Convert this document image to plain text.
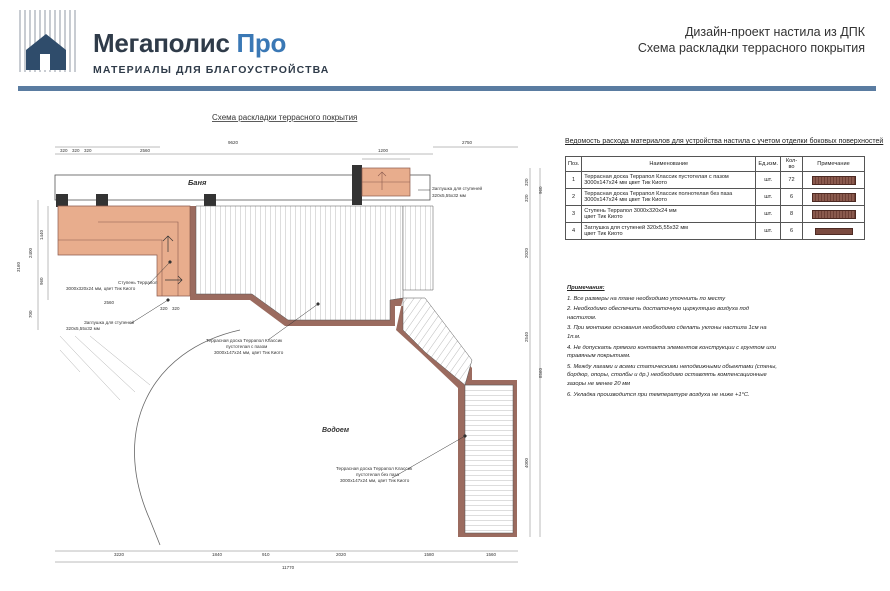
Мегаполис Про
МАТЕРИАЛЫ ДЛЯ БЛАГОУСТРОЙСТВА
Дизайн-проект настила из ДПК
Схема раскладки террасного покрытия
Схема раскладки террасного покрытия
Баня
320 320 320	2560
9620
1200
2750
3160
2400
1440
960
700
2560
320 320
320
320
960
2020
2540
8560
4000
3220	1840	910	2020	1580	1560
11770
Водоем
Ступень Террапол
3000х320х24 мм, цвет Тик Киото
Заглушка для ступеней
320х5,55х32 мм
Заглушка для ступеней
320х5,55х32 мм
Террасная доска Террапол Классик
пустотелая с пазом
3000х147х24 мм, цвет Тик Киото
Террасная доска Террапол Классик
пустотелая без паза
3000х147х24 мм, цвет Тик Киото
Ведомость расхода материалов для устройства настила с учетом отделки боковых поверхностей
Поз.	Наименование	Ед.изм.	Кол-во	Примечание
1	Террасная доска Террапол Классик пустотелая с пазом
3000х147х24 мм цвет Тик Киото	шт.	72	

2	Террасная доска Террапол Классик полнотелая без паза
3000х147х24 мм цвет Тик Киото	шт.	6	

3	Ступень Террапол 3000х320х24 мм
цвет Тик Киото	шт.	8	

4	Заглушка для ступеней 320х5,55х32 мм
цвет Тик Киото	шт.	6	
Примечания:
1. Все размеры на плане необходимо уточнить по месту
2. Необходимо обеспечить достаточную циркуляцию воздуха под настилом.
3. При монтаже основания необходимо сделать уклоны настила 1см на 1п.м.
4. Не допускать прямого контакта элементов конструкции с грунтом или травяным покрытием.
5. Между лагами и всеми статическими неподвижными объектами (стены, бордюр, опоры, столбы и др.) необходимо оставлять компенсационные зазоры не менее 20 мм
6. Укладка производится при температуре воздуха не ниже +1°С.
